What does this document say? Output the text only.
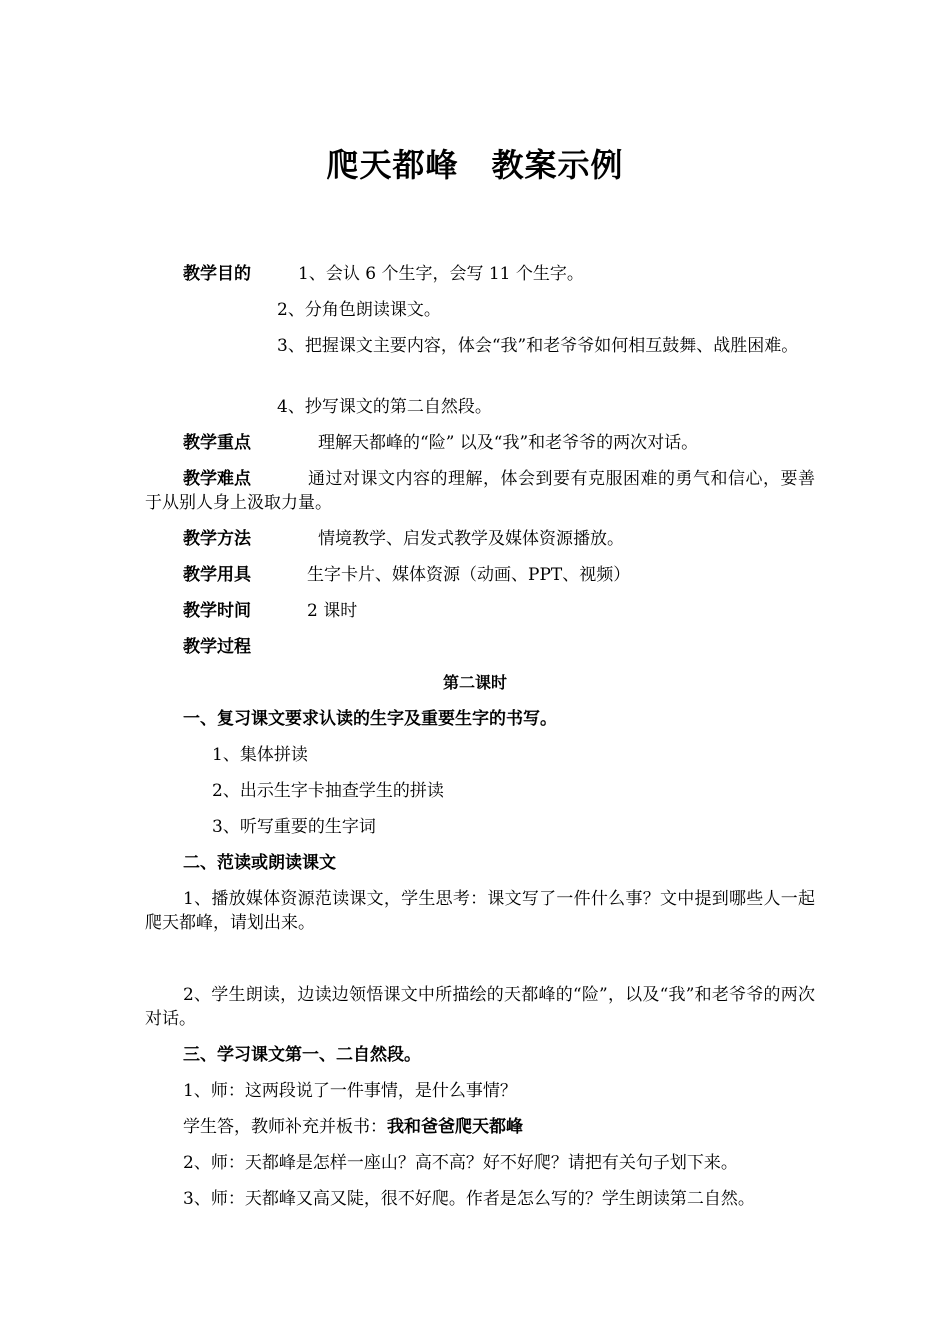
爬天都峰　教案示例
教学目的	1、会认 6 个生字，会写 11 个生字。
2、分角色朗读课文。
3、把握课文主要内容，体会“我”和老爷爷如何相互鼓舞、战胜困难。
4、抄写课文的第二自然段。
教学重点	理解天都峰的“险” 以及“我”和老爷爷的两次对话。
教学难点	通过对课文内容的理解，体会到要有克服困难的勇气和信心，要善于从别人身上汲取力量。
教学方法	情境教学、启发式教学及媒体资源播放。
教学用具	生字卡片、媒体资源（动画、PPT、视频）
教学时间	2 课时
教学过程
第二课时
一、复习课文要求认读的生字及重要生字的书写。
1、集体拼读
2、出示生字卡抽查学生的拼读
3、听写重要的生字词
二、范读或朗读课文
1、播放媒体资源范读课文，学生思考：课文写了一件什么事？文中提到哪些人一起爬天都峰，请划出来。
2、学生朗读，边读边领悟课文中所描绘的天都峰的“险”，以及“我”和老爷爷的两次对话。
三、学习课文第一、二自然段。
1、师：这两段说了一件事情，是什么事情？
学生答，教师补充并板书：我和爸爸爬天都峰
2、师：天都峰是怎样一座山？高不高？好不好爬？请把有关句子划下来。
3、师：天都峰又高又陡，很不好爬。作者是怎么写的？学生朗读第二自然。
